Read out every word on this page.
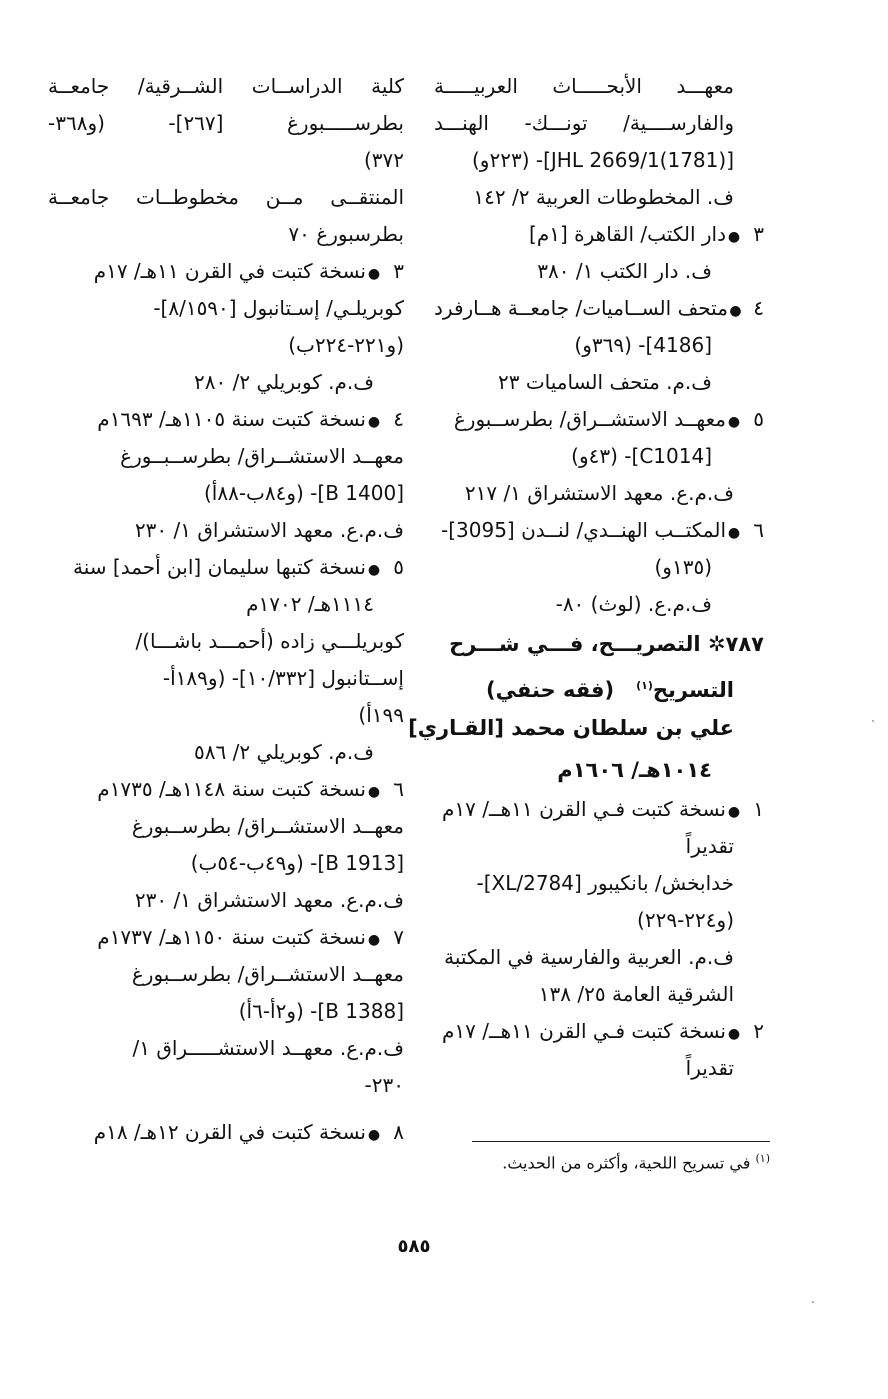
معهـــد الأبحـــــاث العربيـــــة
والفارســــية/ تونـــك- الهنـــد
[JHL 2669/1(1781)]- (٢٢٣و)
ف. المخطوطات العربية ٢/ ١٤٢
٣
●
دار الكتب/ القاهرة [١م]
ف. دار الكتب ١/ ٣٨٠
٤
●
متحف الســاميات/ جامعــة هــارفرد
[4186]- (٣٦٩و)
ف.م. متحف الساميات ٢٣
٥
●
معهــد الاستشــراق/ بطرســبورغ
[C1014]- (٤٣و)
ف.م.ع. معهد الاستشراق ١/ ٢١٧
٦
●
المكتــب الهنــدي/ لنــدن [3095]-
(١٣٥و)
ف.م.ع. (لوث) ٨٠-
٧٨٧✲ التصريـــح، فـــي شـــرح
التسريح$^{(١)}$   (فقه حنفي)
علي بن سلطان محمد [القـاري]
١٠١٤هـ/ ١٦٠٦م
١
●
نسخة كتبت فـي القرن ١١هــ/ ١٧م
تقديراً
خدابخش/ بانكيبور [2784/XL]-
(و٢٢٤-٢٢٩)
ف.م. العربية والفارسية في المكتبة
الشرقية العامة ٢٥/ ١٣٨
٢
●
نسخة كتبت فـي القرن ١١هــ/ ١٧م
تقديراً
كلية الدراســات الشــرقية/ جامعــة
بطرســـــبورغ [٢٦٧]- (و٣٦٨-
٣٧٢)
المنتقــى مــن مخطوطــات جامعــة
بطرسبورغ ٧٠
٣
●
نسخة كتبت في القرن ١١هـ/ ١٧م
كوبريلـي/ إسـتانبول [٨/١٥٩٠]-
(و٢٢١-٢٢٤ب)
ف.م. كوبريلي ٢/ ٢٨٠
٤
●
نسخة كتبت سنة ١١٠٥هـ/ ١٦٩٣م
معهــد الاستشــراق/ بطرســبــورغ
[B 1400]- (و٨٤ب-٨٨أ)
ف.م.ع. معهد الاستشراق ١/ ٢٣٠
٥
●
نسخة كتبها سليمان [ابن أحمد] سنة
١١١٤هـ/ ١٧٠٢م
كوبريلـــي زاده (أحمـــد باشـــا)/
إســتانبول [١٠/٣٣٢]- (و١٨٩أ-
١٩٩أ)
ف.م. كوبريلي ٢/ ٥٨٦
٦
●
نسخة كتبت سنة ١١٤٨هـ/ ١٧٣٥م
معهــد الاستشــراق/ بطرســبورغ
[B 1913]- (و٤٩ب-٥٤ب)
ف.م.ع. معهد الاستشراق ١/ ٢٣٠
٧
●
نسخة كتبت سنة ١١٥٠هـ/ ١٧٣٧م
معهــد الاستشــراق/ بطرســبورغ
[B 1388]- (و٢أ-٦أ)
ف.م.ع. معهــد الاستشـــــراق ١/
٢٣٠-
٨
●
نسخة كتبت في القرن ١٢هـ/ ١٨م
$^{(١)}$ في تسريح اللحية، وأكثره من الحديث.
٥٨٥
